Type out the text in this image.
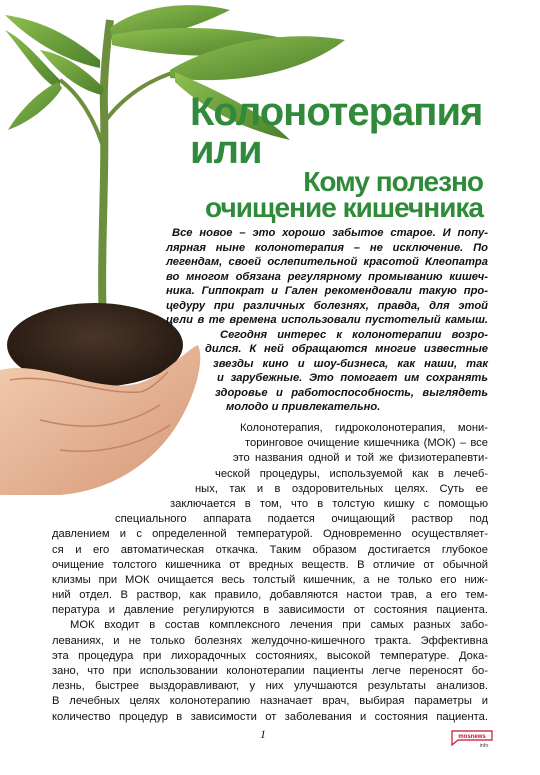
Колонотерапия
или
Кому полезно
очищение кишечника
Все новое – это хорошо забытое старое. И попу-
лярная ныне колонотерапия – не исключение. По
легендам, своей ослепительной красотой Клеопатра
во многом обязана регулярному промыванию кишеч-
ника. Гиппократ и Гален рекомендовали такую про-
цедуру при различных болезнях, правда, для этой
цели в те времена использовали пустотелый камыш.
Сегодня интерес к колонотерапии возро-
дился. К ней обращаются многие известные
звезды кино и шоу-бизнеса, как наши, так
и зарубежные. Это помогает им сохранять
здоровье и работоспособность, выглядеть
молодо и привлекательно.
Колонотерапия, гидроколонотерапия, мони-
торинговое очищение кишечника (МОК) – все
это названия одной и той же физиотерапевти-
ческой процедуры, используемой как в лечеб-
ных, так и в оздоровительных целях. Суть ее
заключается в том, что в толстую кишку с помощью
специального аппарата подается очищающий раствор под
давлением и с определенной температурой. Одновременно осуществляет-
ся и его автоматическая откачка. Таким образом достигается глубокое
очищение толстого кишечника от вредных веществ. В отличие от обычной
клизмы при МОК очищается весь толстый кишечник, а не только его ниж-
ний отдел. В раствор, как правило, добавляются настои трав, а его тем-
пература и давление регулируются в зависимости от состояния пациента.
МОК входит в состав комплексного лечения при самых разных забо-
леваниях, и не только болезнях желудочно-кишечного тракта. Эффективна
эта процедура при лихорадочных состояниях, высокой температуре. Дока-
зано, что при использовании колонотерапии пациенты легче переносят бо-
лезнь, быстрее выздоравливают, у них улучшаются результаты анализов.
В лечебных целях колонотерапию назначает врач, выбирая параметры и
количество процедур в зависимости от заболевания и состояния пациента.
1	mosnews
info
